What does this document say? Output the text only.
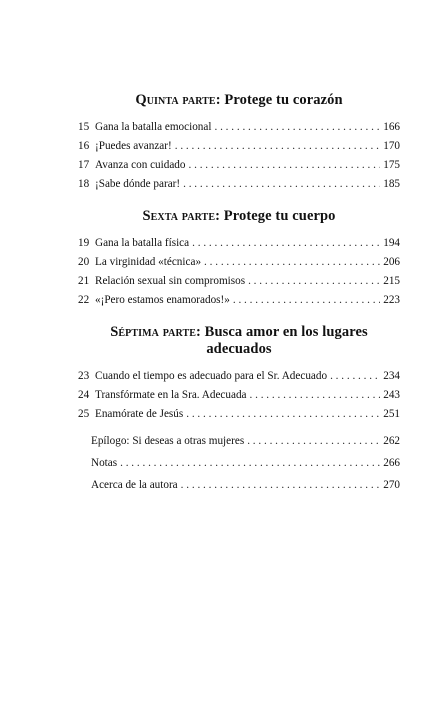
Quinta parte: Protege tu corazón
15 Gana la batalla emocional . . .	166
16 ¡Puedes avanzar! . . .	170
17 Avanza con cuidado . . .	175
18 ¡Sabe dónde parar! . . .	185
Sexta parte: Protege tu cuerpo
19 Gana la batalla física . . .	194
20 La virginidad «técnica» . . .	206
21 Relación sexual sin compromisos . . .	215
22 «¡Pero estamos enamorados!» . . .	223
Séptima parte: Busca amor en los lugares adecuados
23 Cuando el tiempo es adecuado para el Sr. Adecuado . . .	234
24 Transfórmate en la Sra. Adecuada . . .	243
25 Enamórate de Jesús . . .	251
Epílogo: Si deseas a otras mujeres . . .	262
Notas . . .	266
Acerca de la autora . . .	270
